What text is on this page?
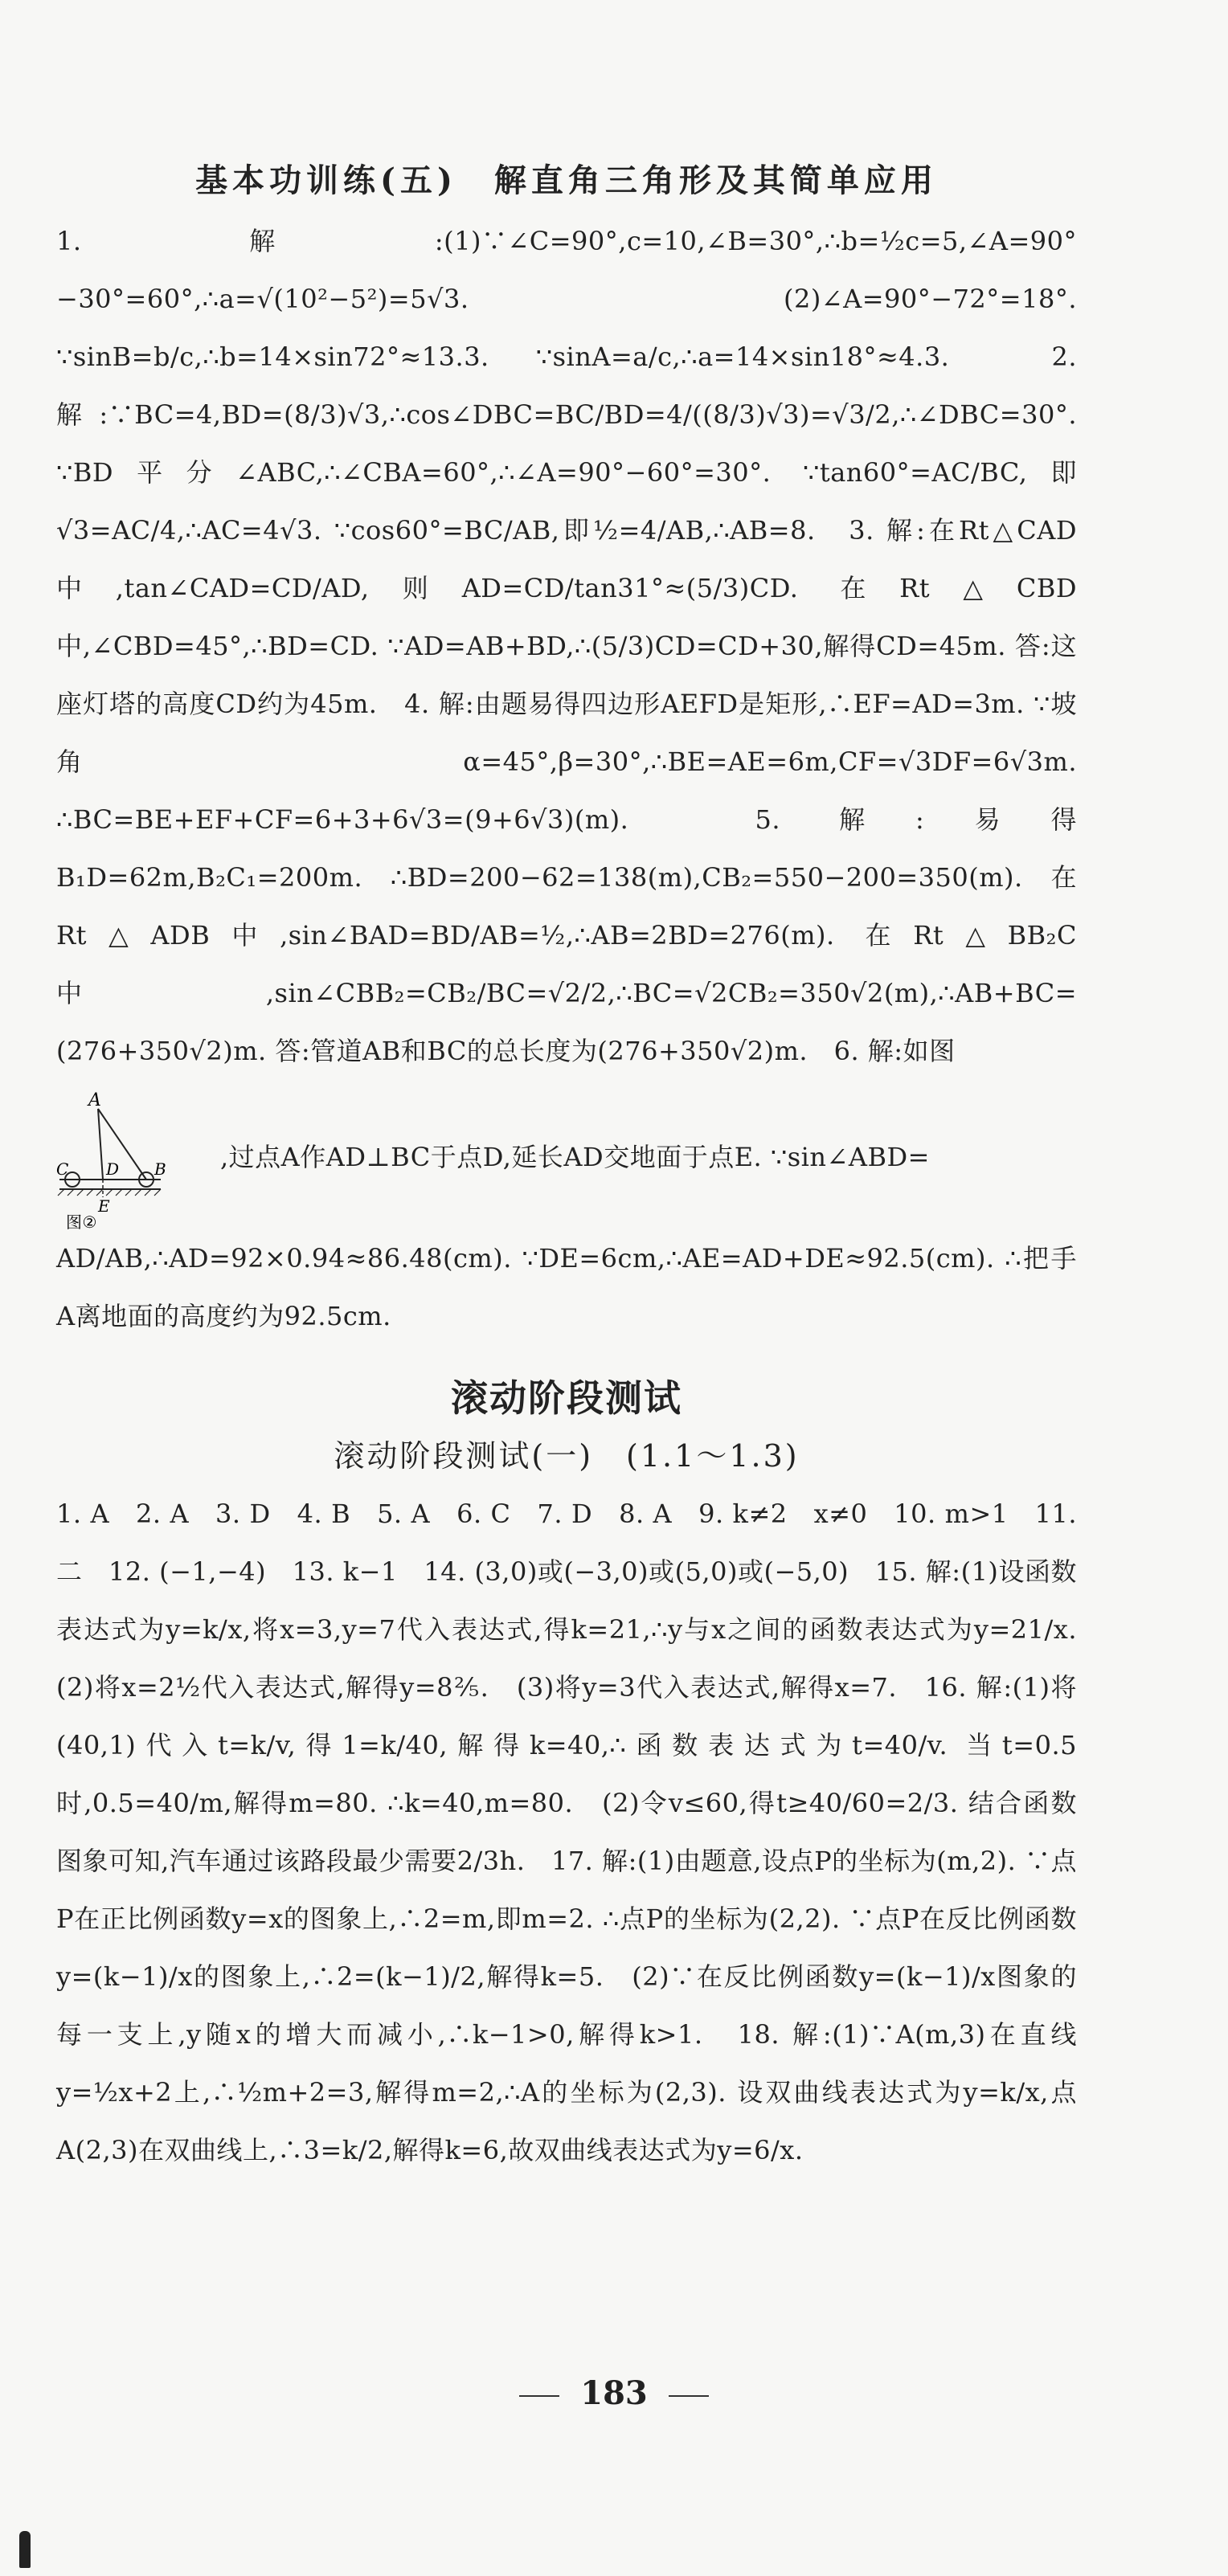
基本功训练(五)　解直角三角形及其简单应用

1. 解:(1)∵∠C=90°,c=10,∠B=30°,∴b=½c=5,∠A=90°−30°=60°,∴a=√(10²−5²)=5√3.　(2)∠A=90°−72°=18°. ∵sinB=b/c,∴b=14×sin72°≈13.3. ∵sinA=a/c,∴a=14×sin18°≈4.3.　2. 解:∵BC=4,BD=(8/3)√3,∴cos∠DBC=BC/BD=4/((8/3)√3)=√3/2,∴∠DBC=30°. ∵BD平分∠ABC,∴∠CBA=60°,∴∠A=90°−60°=30°. ∵tan60°=AC/BC,即√3=AC/4,∴AC=4√3. ∵cos60°=BC/AB,即½=4/AB,∴AB=8.　3. 解:在Rt△CAD中,tan∠CAD=CD/AD,则AD=CD/tan31°≈(5/3)CD. 在Rt△CBD中,∠CBD=45°,∴BD=CD. ∵AD=AB+BD,∴(5/3)CD=CD+30,解得CD=45m. 答:这座灯塔的高度CD约为45m.　4. 解:由题易得四边形AEFD是矩形,∴EF=AD=3m. ∵坡角α=45°,β=30°,∴BE=AE=6m,CF=√3DF=6√3m. ∴BC=BE+EF+CF=6+3+6√3=(9+6√3)(m).　5. 解:易得B₁D=62m,B₂C₁=200m. ∴BD=200−62=138(m),CB₂=550−200=350(m). 在Rt△ADB中,sin∠BAD=BD/AB=½,∴AB=2BD=276(m). 在Rt△BB₂C中,sin∠CBB₂=CB₂/BC=√2/2,∴BC=√2CB₂=350√2(m),∴AB+BC=(276+350√2)m. 答:管道AB和BC的总长度为(276+350√2)m.　6. 解:如图

A
C D B
E
图②
,过点A作AD⊥BC于点D,延长AD交地面于点E. ∵sin∠ABD=

AD/AB,∴AD=92×0.94≈86.48(cm). ∵DE=6cm,∴AE=AD+DE≈92.5(cm). ∴把手A离地面的高度约为92.5cm.

滚动阶段测试
滚动阶段测试(一)　(1.1～1.3)

1. A　2. A　3. D　4. B　5. A　6. C　7. D　8. A　9. k≠2　x≠0　10. m>1　11. 二　12. (−1,−4)　13. k−1　14. (3,0)或(−3,0)或(5,0)或(−5,0)　15. 解:(1)设函数表达式为y=k/x,将x=3,y=7代入表达式,得k=21,∴y与x之间的函数表达式为y=21/x.　(2)将x=2½代入表达式,解得y=8⅖.　(3)将y=3代入表达式,解得x=7.　16. 解:(1)将(40,1)代入t=k/v,得1=k/40,解得k=40,∴函数表达式为t=40/v. 当t=0.5时,0.5=40/m,解得m=80. ∴k=40,m=80.　(2)令v≤60,得t≥40/60=2/3. 结合函数图象可知,汽车通过该路段最少需要2/3h.　17. 解:(1)由题意,设点P的坐标为(m,2). ∵点P在正比例函数y=x的图象上,∴2=m,即m=2. ∴点P的坐标为(2,2). ∵点P在反比例函数y=(k−1)/x的图象上,∴2=(k−1)/2,解得k=5.　(2)∵在反比例函数y=(k−1)/x图象的每一支上,y随x的增大而减小,∴k−1>0,解得k>1.　18. 解:(1)∵A(m,3)在直线y=½x+2上,∴½m+2=3,解得m=2,∴A的坐标为(2,3). 设双曲线表达式为y=k/x,点A(2,3)在双曲线上,∴3=k/2,解得k=6,故双曲线表达式为y=6/x.

183
